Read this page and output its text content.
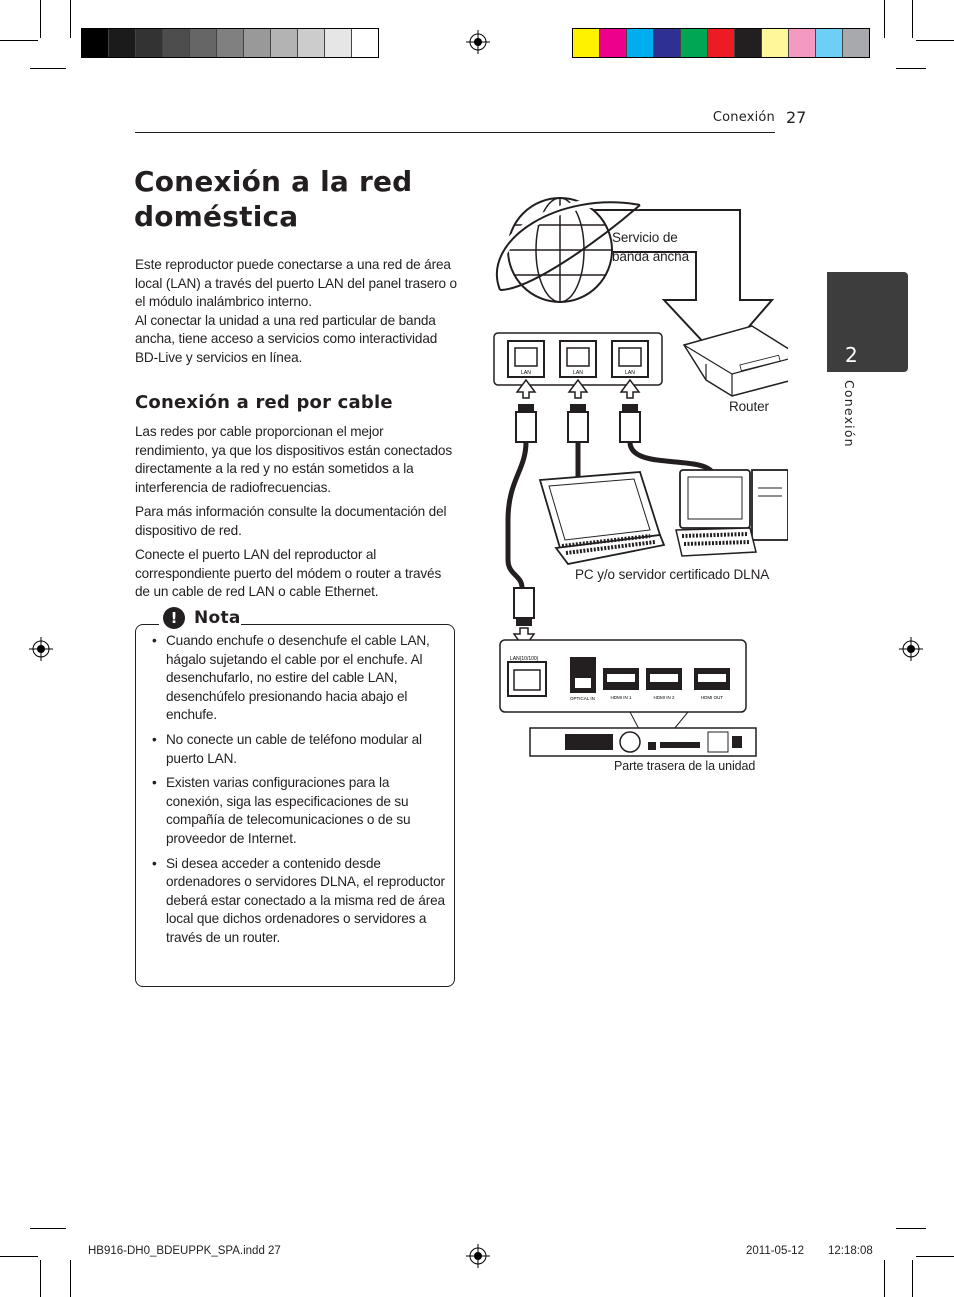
Conexión 27
Conexión a la red doméstica
Este reproductor puede conectarse a una red de área local (LAN) a través del puerto LAN del panel trasero o el módulo inalámbrico interno.
Al conectar la unidad a una red particular de banda ancha, tiene acceso a servicios como interactividad BD-Live y servicios en línea.
Conexión a red por cable
Las redes por cable proporcionan el mejor rendimiento, ya que los dispositivos están conectados directamente a la red y no están sometidos a la interferencia de radiofrecuencias.
Para más información consulte la documentación del dispositivo de red.
Conecte el puerto LAN del reproductor al correspondiente puerto del módem o router a través de un cable de red LAN o cable Ethernet.
! Nota
• Cuando enchufe o desenchufe el cable LAN, hágalo sujetando el cable por el enchufe. Al desenchufarlo, no estire del cable LAN, desenchúfelo presionando hacia abajo el enchufe.
• No conecte un cable de teléfono modular al puerto LAN.
• Existen varias configuraciones para la conexión, siga las especificaciones de su compañía de telecomunicaciones o de su proveedor de Internet.
• Si desea acceder a contenido desde ordenadores o servidores DLNA, el reproductor deberá estar conectado a la misma red de área local que dichos ordenadores o servidores a través de un router.
2
Conexión
LAN	LAN	LAN
LAN(10/100)
OPTICAL IN	HDMI IN 1	HDMI IN 2	HDMI OUT
Servicio de banda ancha
Router
PC y/o servidor certificado DLNA
Parte trasera de la unidad
HB916-DH0_BDEUPPK_SPA.indd 27	2011-05-12 12:18:08
